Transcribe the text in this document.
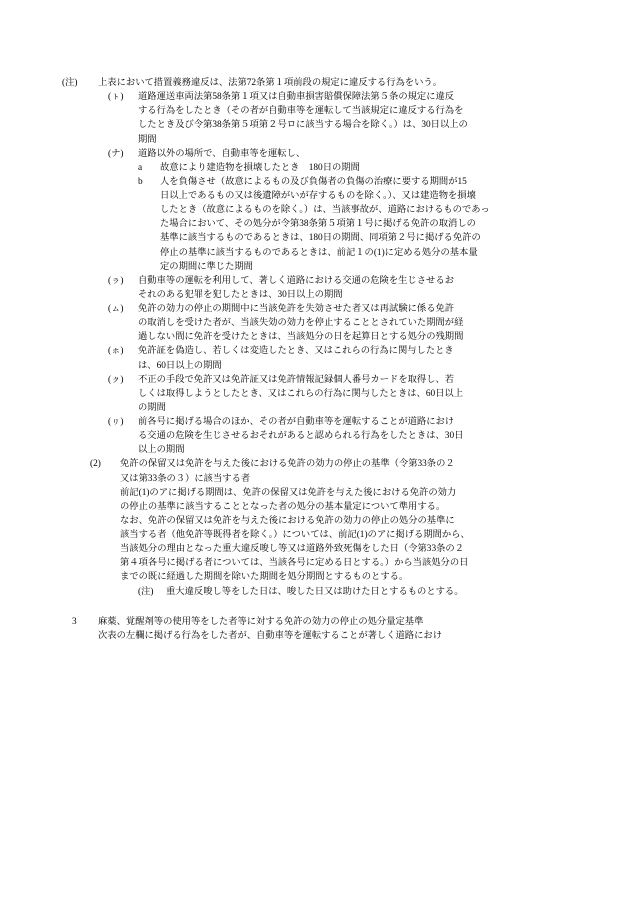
(注)	上表において措置義務違反は、法第72条第１項前段の規定に違反する行為をいう。
(ㇳ)	道路運送車両法第58条第１項又は自動車損害賠償保障法第５条の規定に違反
する行為をしたとき（その者が自動車等を運転して当該規定に違反する行為を
したとき及び令第38条第５項第２号ロに該当する場合を除く。）は、30日以上の
期間
(ナ)	道路以外の場所で、自動車等を運転し、
a	故意により建造物を損壊したとき　180日の期間
b	人を負傷させ（故意によるもの及び負傷者の負傷の治療に要する期間が15
日以上であるもの又は後遺障がいが存するものを除く。）、又は建造物を損壊
したとき（故意によるものを除く。）は、当該事故が、道路におけるものであっ
た場合において、その処分が令第38条第５項第１号に掲げる免許の取消しの
基準に該当するものであるときは、180日の期間、同項第２号に掲げる免許の
停止の基準に該当するものであるときは、前記１の(1)に定める処分の基本量
定の期間に準じた期間
(ㇻ)	自動車等の運転を利用して、著しく道路における交通の危険を生じさせるお
それのある犯罪を犯したときは、30日以上の期間
(ㇺ)	免許の効力の停止の期間中に当該免許を失効させた者又は再試験に係る免許
の取消しを受けた者が、当該失効の効力を停止することとされていた期間が経
過しない間に免許を受けたときは、当該処分の日を起算日とする処分の残期間
(ㇹ)	免許証を偽造し、若しくは変造したとき、又はこれらの行為に関与したとき
は、60日以上の期間
(ㇰ)	不正の手段で免許又は免許証又は免許情報記録個人番号カードを取得し、若
しくは取得しようとしたとき、又はこれらの行為に関与したときは、60日以上
の期間
(ㇼ)	前各号に掲げる場合のほか、その者が自動車等を運転することが道路におけ
る交通の危険を生じさせるおそれがあると認められる行為をしたときは、30日
以上の期間
(2)	免許の保留又は免許を与えた後における免許の効力の停止の基準（令第33条の２
又は第33条の３）に該当する者
前記(1)のアに掲げる期間は、免許の保留又は免許を与えた後における免許の効力
の停止の基準に該当することとなった者の処分の基本量定について準用する。
なお、免許の保留又は免許を与えた後における免許の効力の停止の処分の基準に
該当する者（他免許等既得者を除く。）については、前記(1)のアに掲げる期間から、
当該処分の理由となった重大違反唆し等又は道路外致死傷をした日（令第33条の２
第４項各号に掲げる者については、当該各号に定める日とする。）から当該処分の日
までの既に経過した期間を除いた期間を処分期間とするものとする。
(注)	重大違反唆し等をした日は、唆した日又は助けた日とするものとする。
3	麻薬、覚醒剤等の使用等をした者等に対する免許の効力の停止の処分量定基準
次表の左欄に掲げる行為をした者が、自動車等を運転することが著しく道路におけ
